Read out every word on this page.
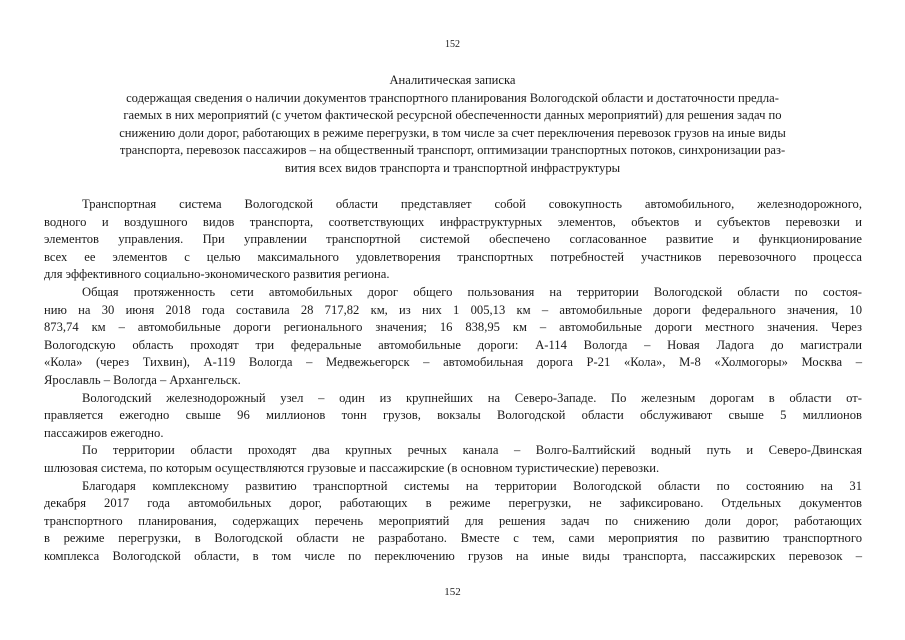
152
Аналитическая записка
содержащая сведения о наличии документов транспортного планирования Вологодской области и достаточности предла-
гаемых в них мероприятий (с учетом фактической ресурсной обеспеченности данных мероприятий) для решения задач по
снижению доли дорог, работающих в режиме перегрузки, в том числе за счет переключения перевозок грузов на иные виды
транспорта, перевозок пассажиров – на общественный транспорт, оптимизации транспортных потоков, синхронизации раз-
вития всех видов транспорта и транспортной инфраструктуры
Транспортная система Вологодской области представляет собой совокупность автомобильного, железнодорожного,
водного и воздушного видов транспорта, соответствующих инфраструктурных элементов, объектов и субъектов перевозки и
элементов управления. При управлении транспортной системой обеспечено согласованное развитие и функционирование
всех ее элементов с целью максимального удовлетворения транспортных потребностей участников перевозочного процесса
для эффективного социально-экономического развития региона.
Общая протяженность сети автомобильных дорог общего пользования на территории Вологодской области по состоя-
нию на 30 июня 2018 года составила 28 717,82 км, из них 1 005,13 км – автомобильные дороги федерального значения, 10
873,74 км – автомобильные дороги регионального значения; 16 838,95 км – автомобильные дороги местного значения. Через
Вологодскую область проходят три федеральные автомобильные дороги: А-114 Вологда – Новая Ладога до магистрали
«Кола» (через Тихвин), А-119 Вологда – Медвежьегорск – автомобильная дорога Р-21 «Кола», М-8 «Холмогоры» Москва –
Ярославль – Вологда – Архангельск.
Вологодский железнодорожный узел – один из крупнейших на Северо-Западе. По железным дорогам в области от-
правляется ежегодно свыше 96 миллионов тонн грузов, вокзалы Вологодской области обслуживают свыше 5 миллионов
пассажиров ежегодно.
По территории области проходят два крупных речных канала – Волго-Балтийский водный путь и Северо-Двинская
шлюзовая система, по которым осуществляются грузовые и пассажирские (в основном туристические) перевозки.
Благодаря комплексному развитию транспортной системы на территории Вологодской области по состоянию на 31
декабря 2017 года автомобильных дорог, работающих в режиме перегрузки, не зафиксировано. Отдельных документов
транспортного планирования, содержащих перечень мероприятий для решения задач по снижению доли дорог, работающих
в режиме перегрузки, в Вологодской области не разработано. Вместе с тем, сами мероприятия по развитию транспортного
комплекса Вологодской области, в том числе по переключению грузов на иные виды транспорта, пассажирских перевозок –
152
